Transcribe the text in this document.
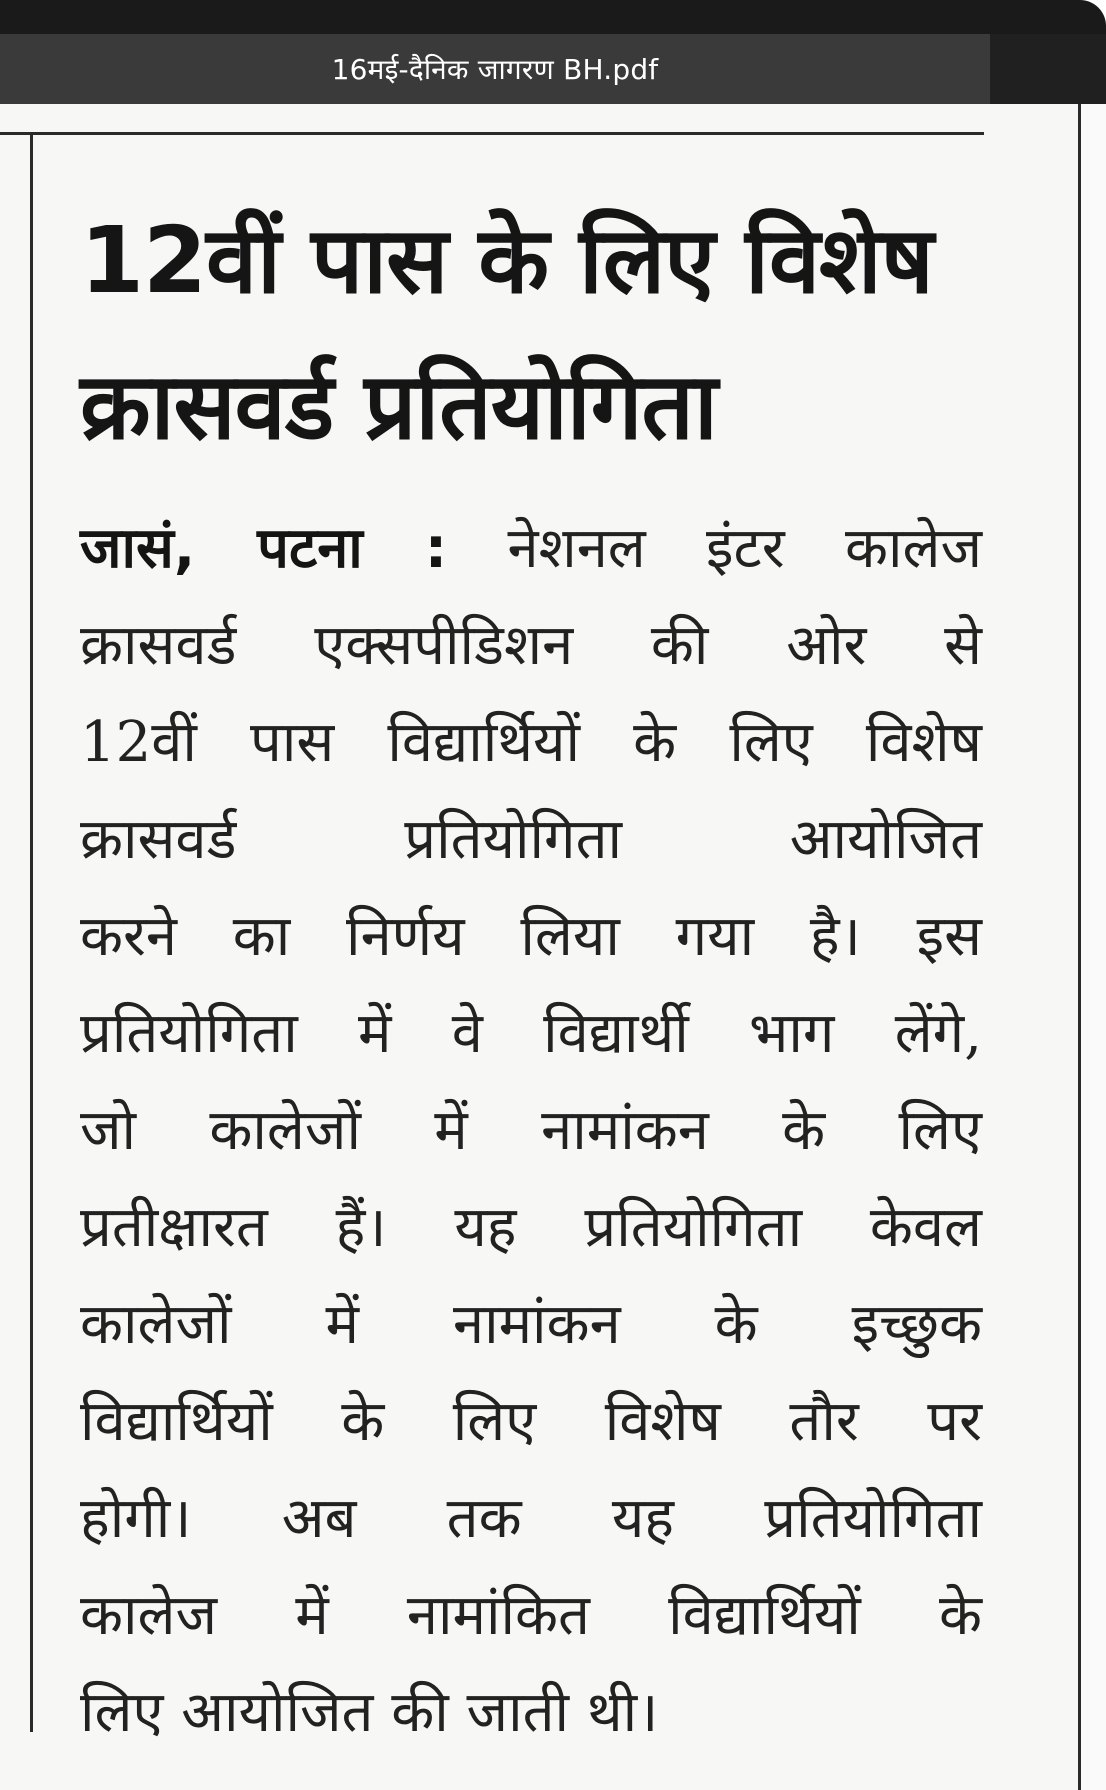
16मई-दैनिक जागरण BH.pdf
12वीं पास के लिए विशेष
क्रासवर्ड प्रतियोगिता
जासं, पटना : नेशनल इंटर कालेज
क्रासवर्ड एक्सपीडिशन की ओर से
12वीं पास विद्यार्थियों के लिए विशेष
क्रासवर्ड प्रतियोगिता आयोजित
करने का निर्णय लिया गया है। इस
प्रतियोगिता में वे विद्यार्थी भाग लेंगे,
जो कालेजों में नामांकन के लिए
प्रतीक्षारत हैं। यह प्रतियोगिता केवल
कालेजों में नामांकन के इच्छुक
विद्यार्थियों के लिए विशेष तौर पर
होगी। अब तक यह प्रतियोगिता
कालेज में नामांकित विद्यार्थियों के
लिए आयोजित की जाती थी।
